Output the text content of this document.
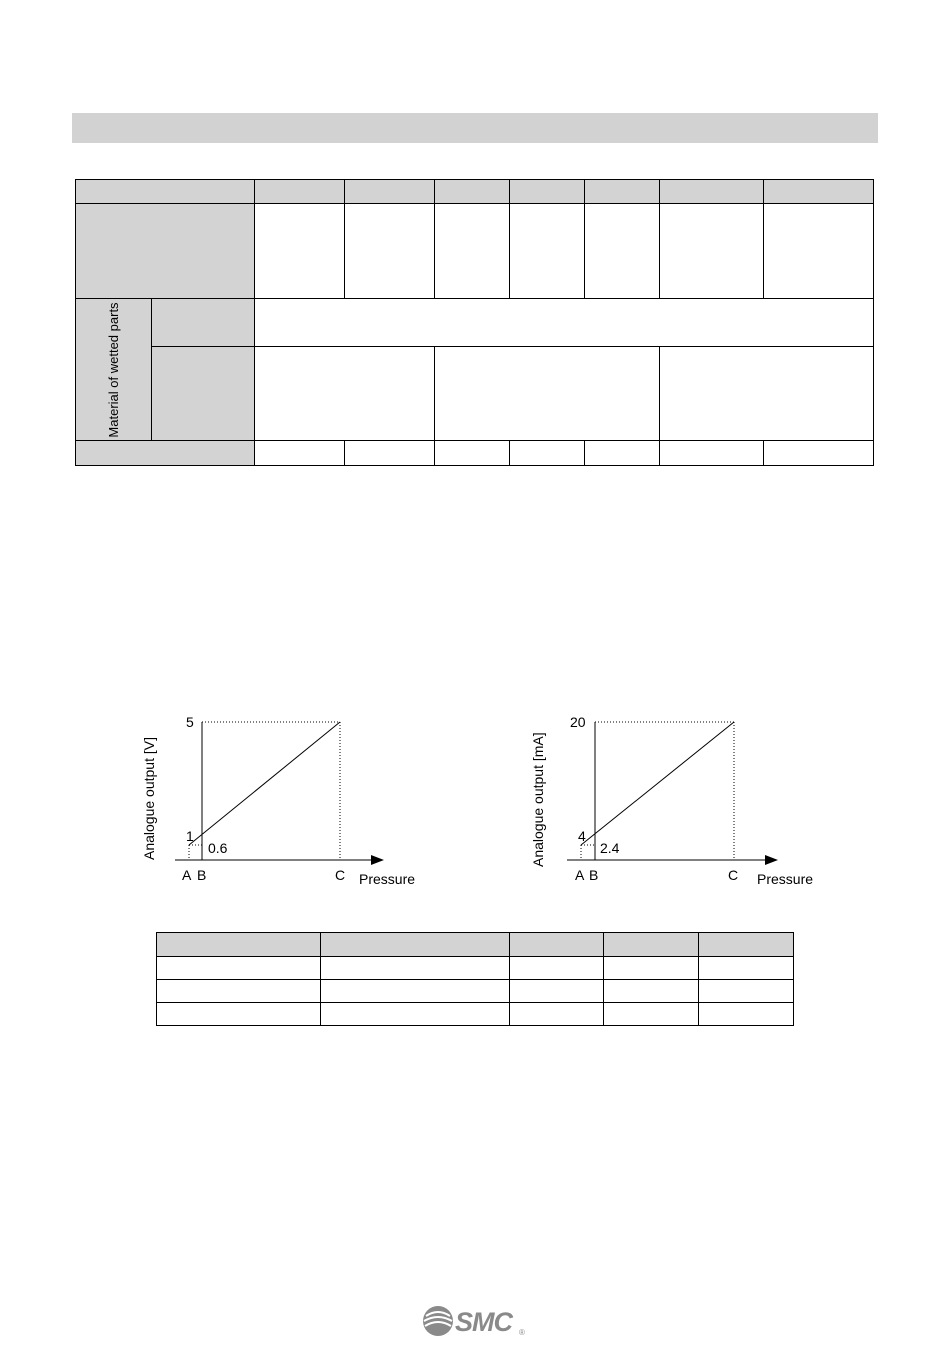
Material of wetted parts								

5
1
0.6
A B	C Pressure
Analogue output [V]
20
4
2.4
A B	C Pressure
Analogue output [mA]

SMC ®
